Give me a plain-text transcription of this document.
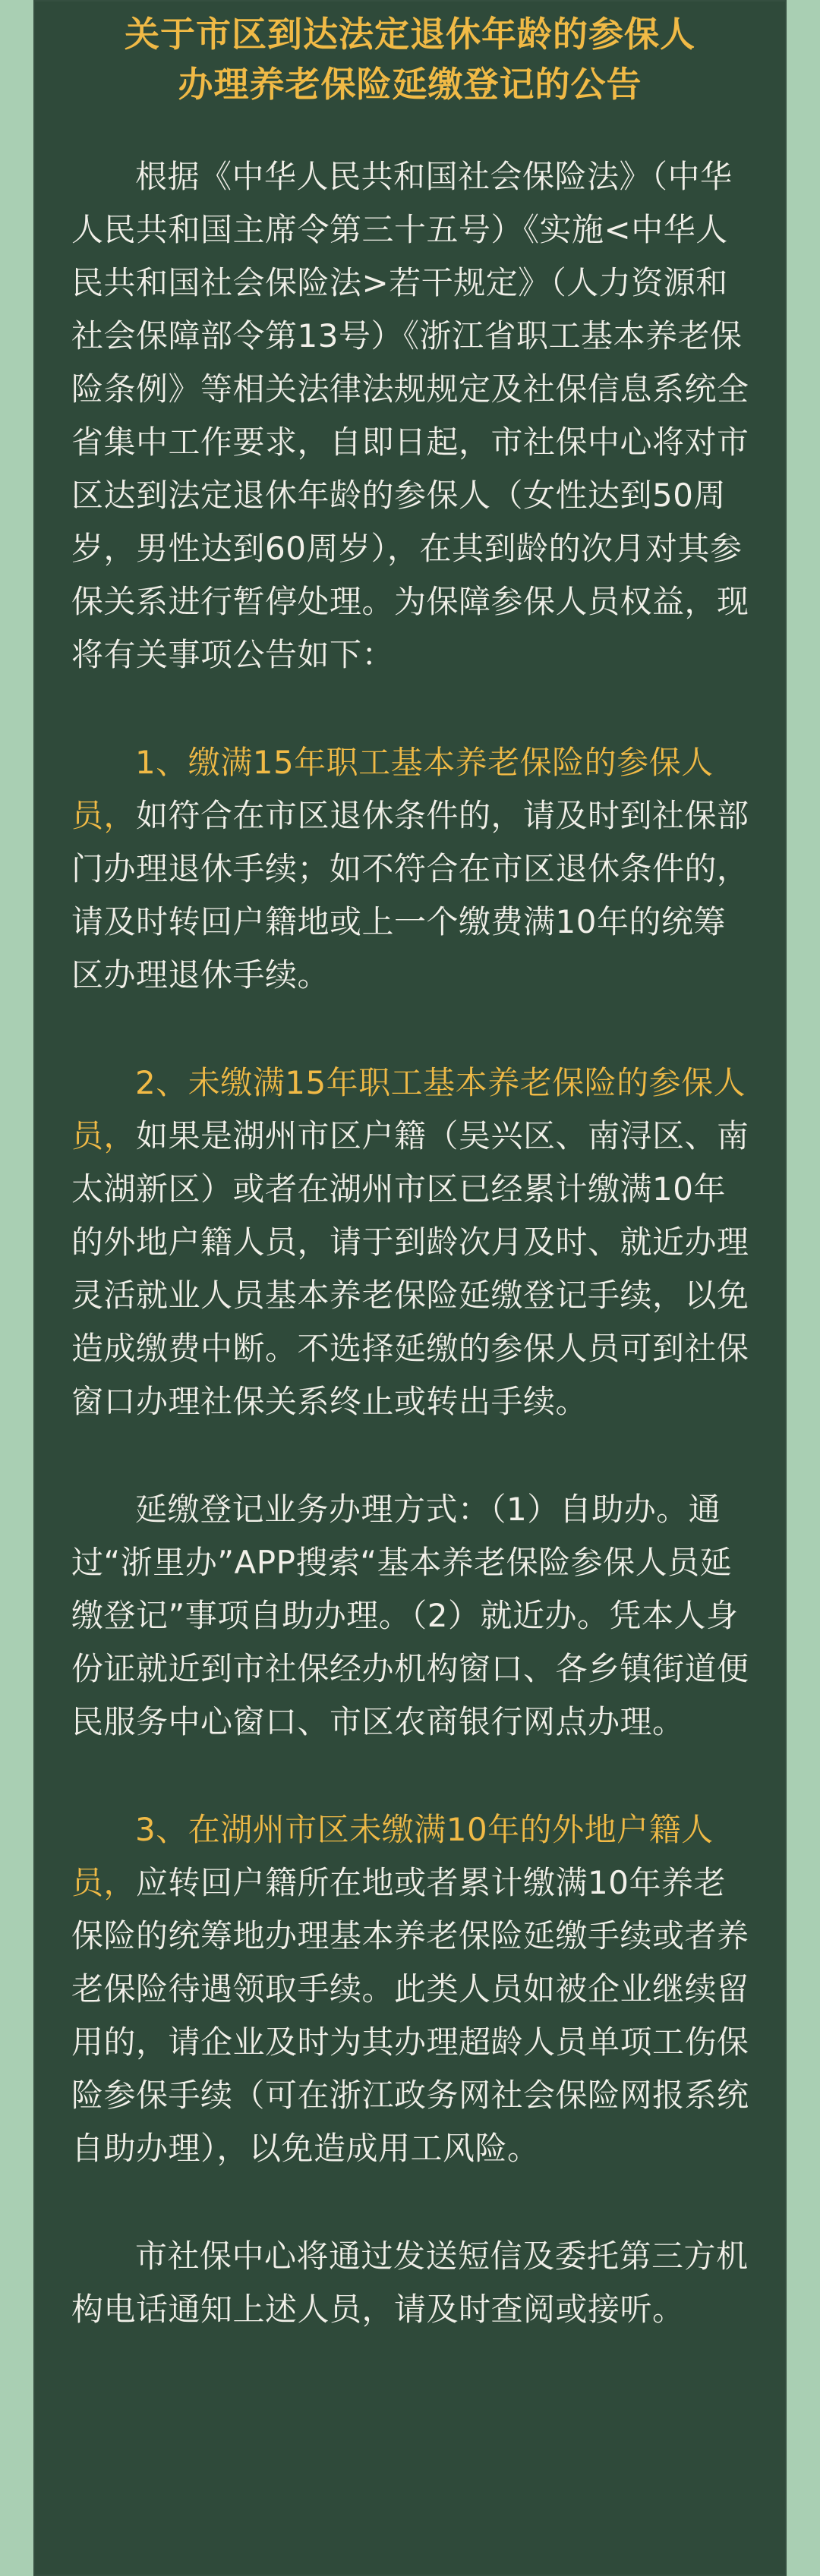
关于市区到达法定退休年龄的参保人
办理养老保险延缴登记的公告

根据《中华人民共和国社会保险法》（中华人民共和国主席令第三十五号）《实施<中华人民共和国社会保险法>若干规定》（人力资源和社会保障部令第13号）《浙江省职工基本养老保险条例》等相关法律法规规定及社保信息系统全省集中工作要求，自即日起，市社保中心将对市区达到法定退休年龄的参保人（女性达到50周岁，男性达到60周岁），在其到龄的次月对其参保关系进行暂停处理。为保障参保人员权益，现将有关事项公告如下：

1、缴满15年职工基本养老保险的参保人员，如符合在市区退休条件的，请及时到社保部门办理退休手续；如不符合在市区退休条件的，请及时转回户籍地或上一个缴费满10年的统筹区办理退休手续。

2、未缴满15年职工基本养老保险的参保人员，如果是湖州市区户籍（吴兴区、南浔区、南太湖新区）或者在湖州市区已经累计缴满10年的外地户籍人员，请于到龄次月及时、就近办理灵活就业人员基本养老保险延缴登记手续，以免造成缴费中断。不选择延缴的参保人员可到社保窗口办理社保关系终止或转出手续。

延缴登记业务办理方式：（1）自助办。通过“浙里办”APP搜索“基本养老保险参保人员延缴登记”事项自助办理。（2）就近办。凭本人身份证就近到市社保经办机构窗口、各乡镇街道便民服务中心窗口、市区农商银行网点办理。

3、在湖州市区未缴满10年的外地户籍人员，应转回户籍所在地或者累计缴满10年养老保险的统筹地办理基本养老保险延缴手续或者养老保险待遇领取手续。此类人员如被企业继续留用的，请企业及时为其办理超龄人员单项工伤保险参保手续（可在浙江政务网社会保险网报系统自助办理），以免造成用工风险。

市社保中心将通过发送短信及委托第三方机构电话通知上述人员，请及时查阅或接听。
